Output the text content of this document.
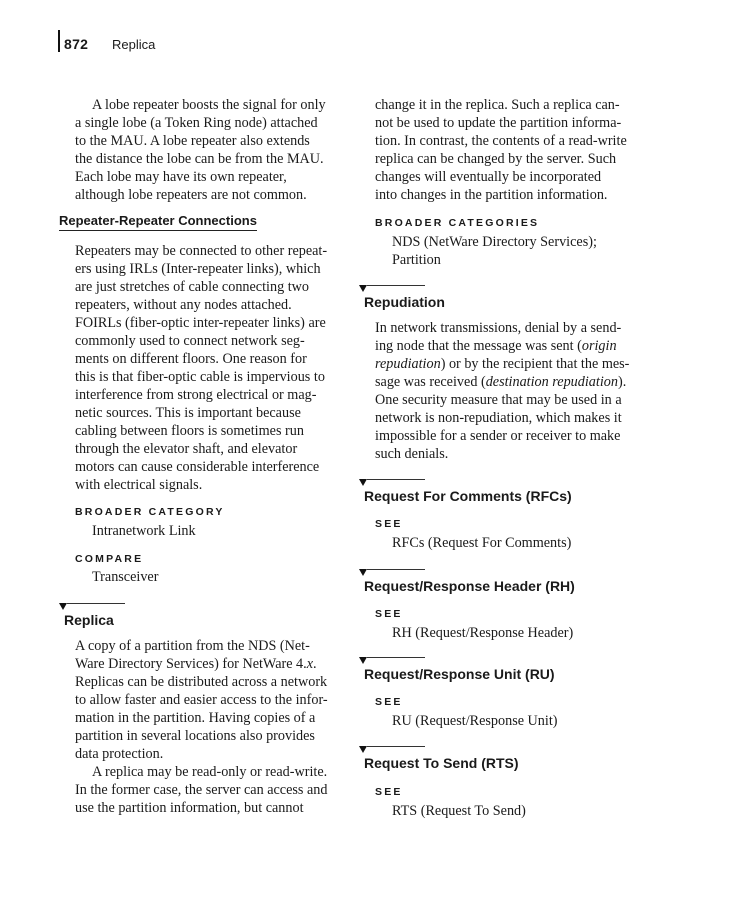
872 Replica
A lobe repeater boosts the signal for only
a single lobe (a Token Ring node) attached
to the MAU. A lobe repeater also extends
the distance the lobe can be from the MAU.
Each lobe may have its own repeater,
although lobe repeaters are not common.
Repeater-Repeater Connections
Repeaters may be connected to other repeat-
ers using IRLs (Inter-repeater links), which
are just stretches of cable connecting two
repeaters, without any nodes attached.
FOIRLs (fiber-optic inter-repeater links) are
commonly used to connect network seg-
ments on different floors. One reason for
this is that fiber-optic cable is impervious to
interference from strong electrical or mag-
netic sources. This is important because
cabling between floors is sometimes run
through the elevator shaft, and elevator
motors can cause considerable interference
with electrical signals.
BROADER CATEGORY
Intranetwork Link
COMPARE
Transceiver
Replica
A copy of a partition from the NDS (Net-
Ware Directory Services) for NetWare 4.x.
Replicas can be distributed across a network
to allow faster and easier access to the infor-
mation in the partition. Having copies of a
partition in several locations also provides
data protection.
A replica may be read-only or read-write.
In the former case, the server can access and
use the partition information, but cannot
change it in the replica. Such a replica can-
not be used to update the partition informa-
tion. In contrast, the contents of a read-write
replica can be changed by the server. Such
changes will eventually be incorporated
into changes in the partition information.
BROADER CATEGORIES
NDS (NetWare Directory Services);
Partition
Repudiation
In network transmissions, denial by a send-
ing node that the message was sent (origin
repudiation) or by the recipient that the mes-
sage was received (destination repudiation).
One security measure that may be used in a
network is non-repudiation, which makes it
impossible for a sender or receiver to make
such denials.
Request For Comments (RFCs)
SEE
RFCs (Request For Comments)
Request/Response Header (RH)
SEE
RH (Request/Response Header)
Request/Response Unit (RU)
SEE
RU (Request/Response Unit)
Request To Send (RTS)
SEE
RTS (Request To Send)
